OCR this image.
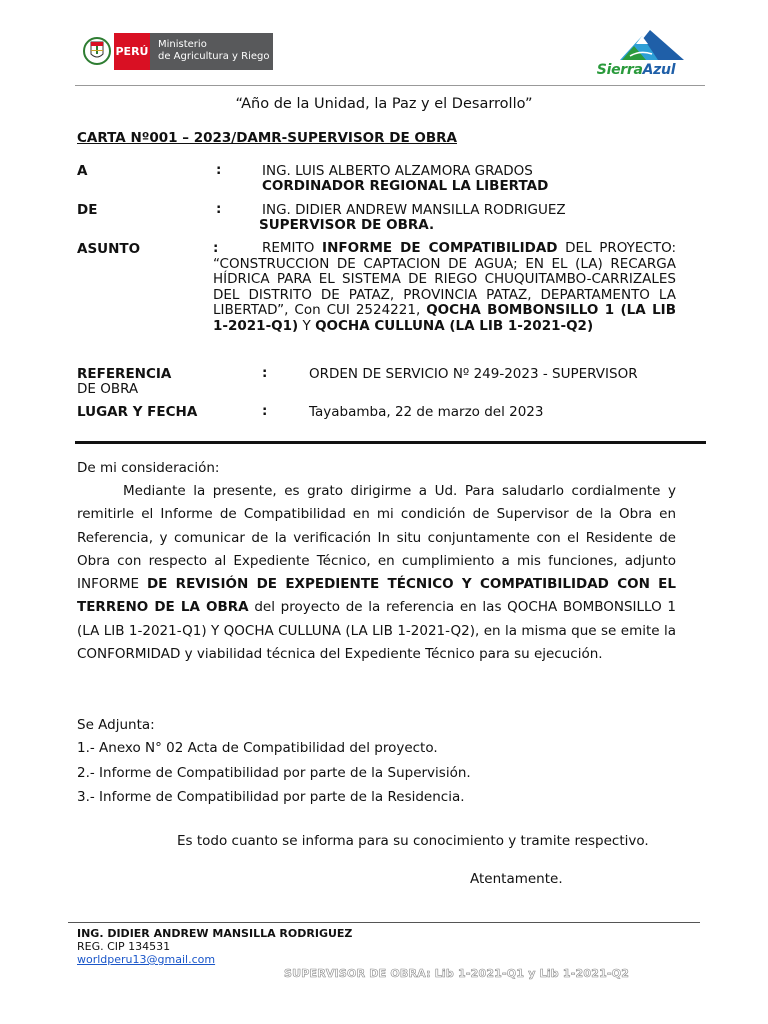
PERÚ
Ministerio
de Agricultura y Riego
SierraAzul
“Año de la Unidad, la Paz y el Desarrollo”
CARTA Nº001 – 2023/DAMR-SUPERVISOR DE OBRA
A	:	ING. LUIS ALBERTO ALZAMORA GRADOS
CORDINADOR REGIONAL LA LIBERTAD
DE	:	ING. DIDIER ANDREW MANSILLA RODRIGUEZ
SUPERVISOR DE OBRA.
ASUNTO	:	REMITO INFORME DE COMPATIBILIDAD DEL PROYECTO: “CONSTRUCCION DE CAPTACION DE AGUA; EN EL (LA) RECARGA HÍDRICA PARA EL SISTEMA DE RIEGO CHUQUITAMBO-CARRIZALES DEL DISTRITO DE PATAZ, PROVINCIA PATAZ, DEPARTAMENTO LA LIBERTAD”, Con CUI 2524221, QOCHA BOMBONSILLO 1 (LA LIB 1-2021-Q1) Y QOCHA CULLUNA (LA LIB 1-2021-Q2)
REFERENCIA	:	ORDEN DE SERVICIO Nº 249-2023 - SUPERVISOR
DE OBRA
LUGAR Y FECHA	:	Tayabamba, 22 de marzo del 2023
De mi consideración:

Mediante la presente, es grato dirigirme a Ud. Para saludarlo cordialmente y remitirle el Informe de Compatibilidad en mi condición de Supervisor de la Obra en Referencia, y comunicar de la verificación In situ conjuntamente con el Residente de Obra con respecto al Expediente Técnico, en cumplimiento a mis funciones, adjunto INFORME DE REVISIÓN DE EXPEDIENTE TÉCNICO Y COMPATIBILIDAD CON EL TERRENO DE LA OBRA del proyecto de la referencia en las QOCHA BOMBONSILLO 1 (LA LIB 1-2021-Q1) Y QOCHA CULLUNA (LA LIB 1-2021-Q2), en la misma que se emite la CONFORMIDAD y viabilidad técnica del Expediente Técnico para su ejecución.

Se Adjunta:
1.- Anexo N° 02 Acta de Compatibilidad del proyecto.
2.- Informe de Compatibilidad por parte de la Supervisión.
3.- Informe de Compatibilidad por parte de la Residencia.
Es todo cuanto se informa para su conocimiento y tramite respectivo.
Atentamente.
ING. DIDIER ANDREW MANSILLA RODRIGUEZ
REG. CIP 134531
worldperu13@gmail.com
SUPERVISOR DE OBRA: Lib 1-2021-Q1 y Lib 1-2021-Q2
